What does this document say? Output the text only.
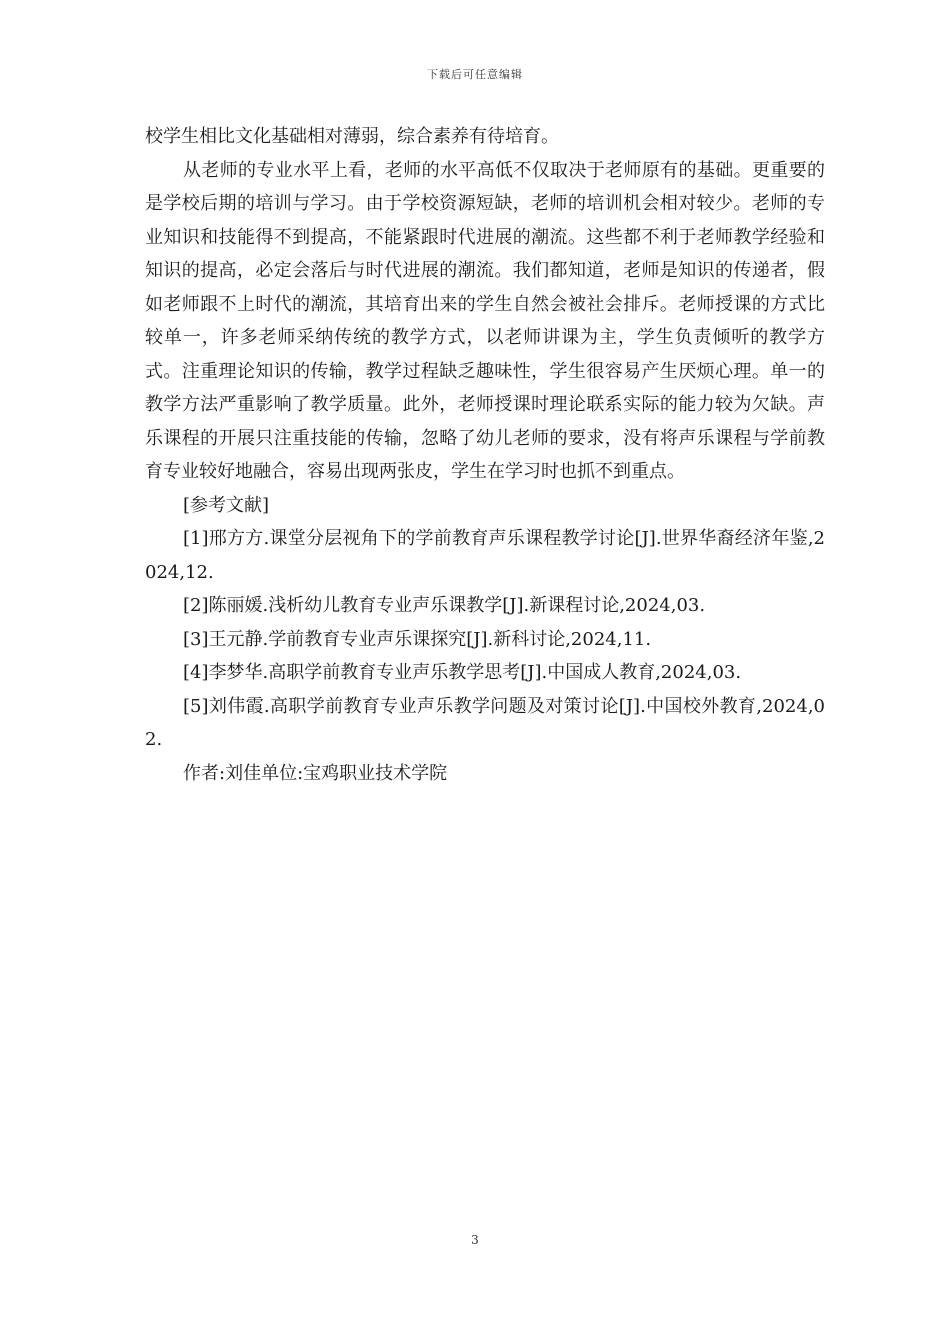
下载后可任意编辑

校学生相比文化基础相对薄弱，综合素养有待培育。

从老师的专业水平上看，老师的水平高低不仅取决于老师原有的基础。更重要的是学校后期的培训与学习。由于学校资源短缺，老师的培训机会相对较少。老师的专业知识和技能得不到提高，不能紧跟时代进展的潮流。这些都不利于老师教学经验和知识的提高，必定会落后与时代进展的潮流。我们都知道，老师是知识的传递者，假如老师跟不上时代的潮流，其培育出来的学生自然会被社会排斥。老师授课的方式比较单一，许多老师采纳传统的教学方式，以老师讲课为主，学生负责倾听的教学方式。注重理论知识的传输，教学过程缺乏趣味性，学生很容易产生厌烦心理。单一的教学方法严重影响了教学质量。此外，老师授课时理论联系实际的能力较为欠缺。声乐课程的开展只注重技能的传输，忽略了幼儿老师的要求，没有将声乐课程与学前教育专业较好地融合，容易出现两张皮，学生在学习时也抓不到重点。

[参考文献]

[1]邢方方.课堂分层视角下的学前教育声乐课程教学讨论[J].世界华裔经济年鉴,2024,12.

[2]陈丽媛.浅析幼儿教育专业声乐课教学[J].新课程讨论,2024,03.

[3]王元静.学前教育专业声乐课探究[J].新科讨论,2024,11.

[4]李梦华.高职学前教育专业声乐教学思考[J].中国成人教育,2024,03.

[5]刘伟霞.高职学前教育专业声乐教学问题及对策讨论[J].中国校外教育,2024,02.

作者:刘佳单位:宝鸡职业技术学院

3
